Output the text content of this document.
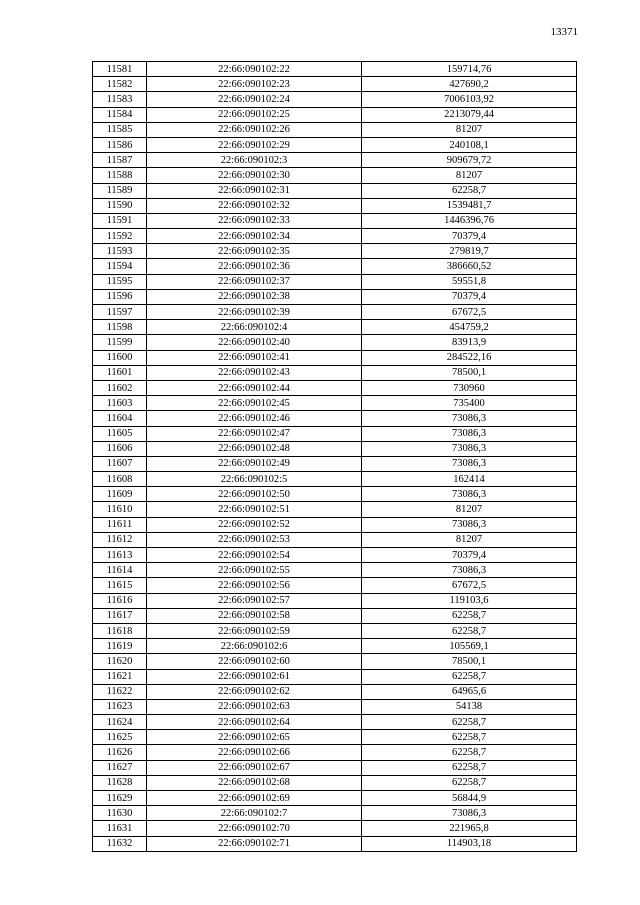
13371
11581	22:66:090102:22	159714,76
11582	22:66:090102:23	427690,2
11583	22:66:090102:24	7006103,92
11584	22:66:090102:25	2213079,44
11585	22:66:090102:26	81207
11586	22:66:090102:29	240108,1
11587	22:66:090102:3	909679,72
11588	22:66:090102:30	81207
11589	22:66:090102:31	62258,7
11590	22:66:090102:32	1539481,7
11591	22:66:090102:33	1446396,76
11592	22:66:090102:34	70379,4
11593	22:66:090102:35	279819,7
11594	22:66:090102:36	386660,52
11595	22:66:090102:37	59551,8
11596	22:66:090102:38	70379,4
11597	22:66:090102:39	67672,5
11598	22:66:090102:4	454759,2
11599	22:66:090102:40	83913,9
11600	22:66:090102:41	284522,16
11601	22:66:090102:43	78500,1
11602	22:66:090102:44	730960
11603	22:66:090102:45	735400
11604	22:66:090102:46	73086,3
11605	22:66:090102:47	73086,3
11606	22:66:090102:48	73086,3
11607	22:66:090102:49	73086,3
11608	22:66:090102:5	162414
11609	22:66:090102:50	73086,3
11610	22:66:090102:51	81207
11611	22:66:090102:52	73086,3
11612	22:66:090102:53	81207
11613	22:66:090102:54	70379,4
11614	22:66:090102:55	73086,3
11615	22:66:090102:56	67672,5
11616	22:66:090102:57	119103,6
11617	22:66:090102:58	62258,7
11618	22:66:090102:59	62258,7
11619	22:66:090102:6	105569,1
11620	22:66:090102:60	78500,1
11621	22:66:090102:61	62258,7
11622	22:66:090102:62	64965,6
11623	22:66:090102:63	54138
11624	22:66:090102:64	62258,7
11625	22:66:090102:65	62258,7
11626	22:66:090102:66	62258,7
11627	22:66:090102:67	62258,7
11628	22:66:090102:68	62258,7
11629	22:66:090102:69	56844,9
11630	22:66:090102:7	73086,3
11631	22:66:090102:70	221965,8
11632	22:66:090102:71	114903,18
